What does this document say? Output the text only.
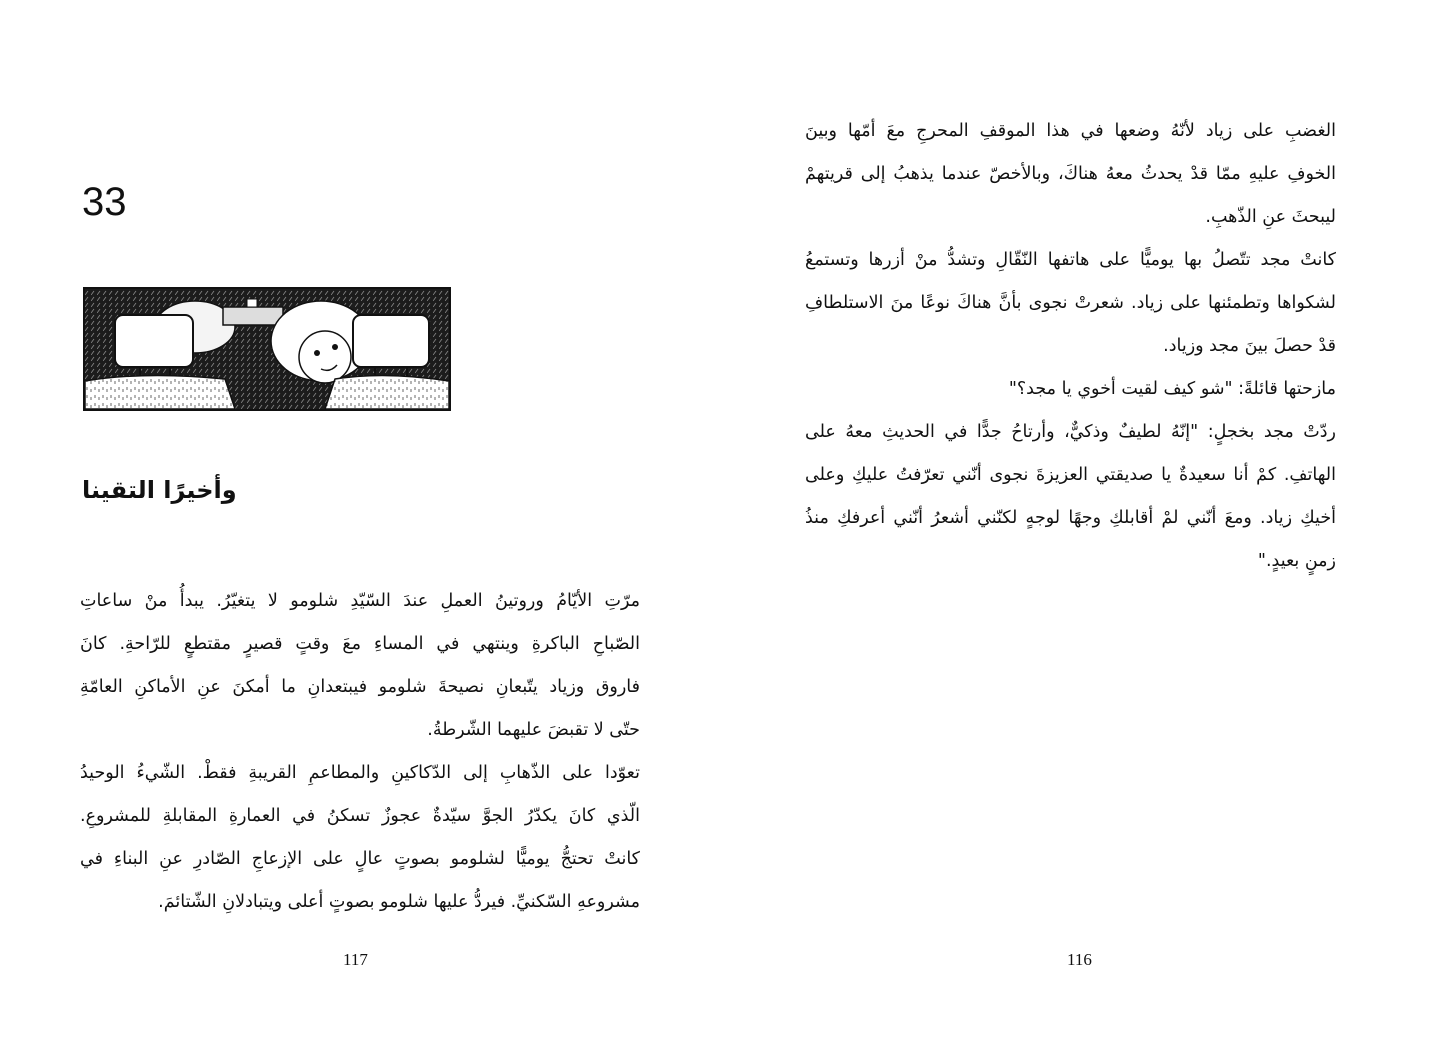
33
وأخيرًا التقينا

مرّتِ الأيّامُ وروتينُ العملِ عندَ السّيّدِ شلومو لا يتغيّرُ. يبدأُ منْ ساعاتِ
الصّباحِ الباكرةِ وينتهي في المساءِ معَ وقتٍ قصيرٍ مقتطعٍ للرّاحةِ. كانَ
فاروق وزياد يتّبعانِ نصيحةَ شلومو فيبتعدانِ ما أمكنَ عنِ الأماكنِ العامّةِ
حتّى لا تقبضَ عليهما الشّرطةُ.

تعوّدا على الذّهابِ إلى الدّكاكينِ والمطاعمِ القريبةِ فقطْ. الشّيءُ الوحيدُ
الّذي كانَ يكدّرُ الجوَّ سيّدةٌ عجوزٌ تسكنُ في العمارةِ المقابلةِ للمشروعِ.
كانتْ تحتجُّ يوميًّا لشلومو بصوتٍ عالٍ على الإزعاجِ الصّادرِ عنِ البناءِ في
مشروعهِ السّكنيِّ. فيردُّ عليها شلومو بصوتٍ أعلى ويتبادلانِ الشّتائمَ.

117

الغضبِ على زياد لأنّهُ وضعها في هذا الموقفِ المحرجِ معَ أمّها وبينَ
الخوفِ عليهِ ممّا قدْ يحدثُ معهُ هناكَ، وبالأخصّ عندما يذهبُ إلى قريتهمْ
ليبحثَ عنِ الذّهبِ.

كانتْ مجد تتّصلُ بها يوميًّا على هاتفها النّقّالِ وتشدُّ منْ أزرها وتستمعُ
لشكواها وتطمئنها على زياد. شعرتْ نجوى بأنَّ هناكَ نوعًا منَ الاستلطافِ
قدْ حصلَ بينَ مجد وزياد.

مازحتها قائلةً: "شو كيف لقيت أخوي يا مجد؟"

ردّتْ مجد بخجلٍ: "إنّهُ لطيفٌ وذكيٌّ، وأرتاحُ جدًّا في الحديثِ معهُ على
الهاتفِ. كمْ أنا سعيدةٌ يا صديقتي العزيزةَ نجوى أنّني تعرّفتُ عليكِ وعلى
أخيكِ زياد. ومعَ أنّني لمْ أقابلكِ وجهًا لوجهٍ لكنّني أشعرُ أنّني أعرفكِ منذُ
زمنٍ بعيدٍ."

116
